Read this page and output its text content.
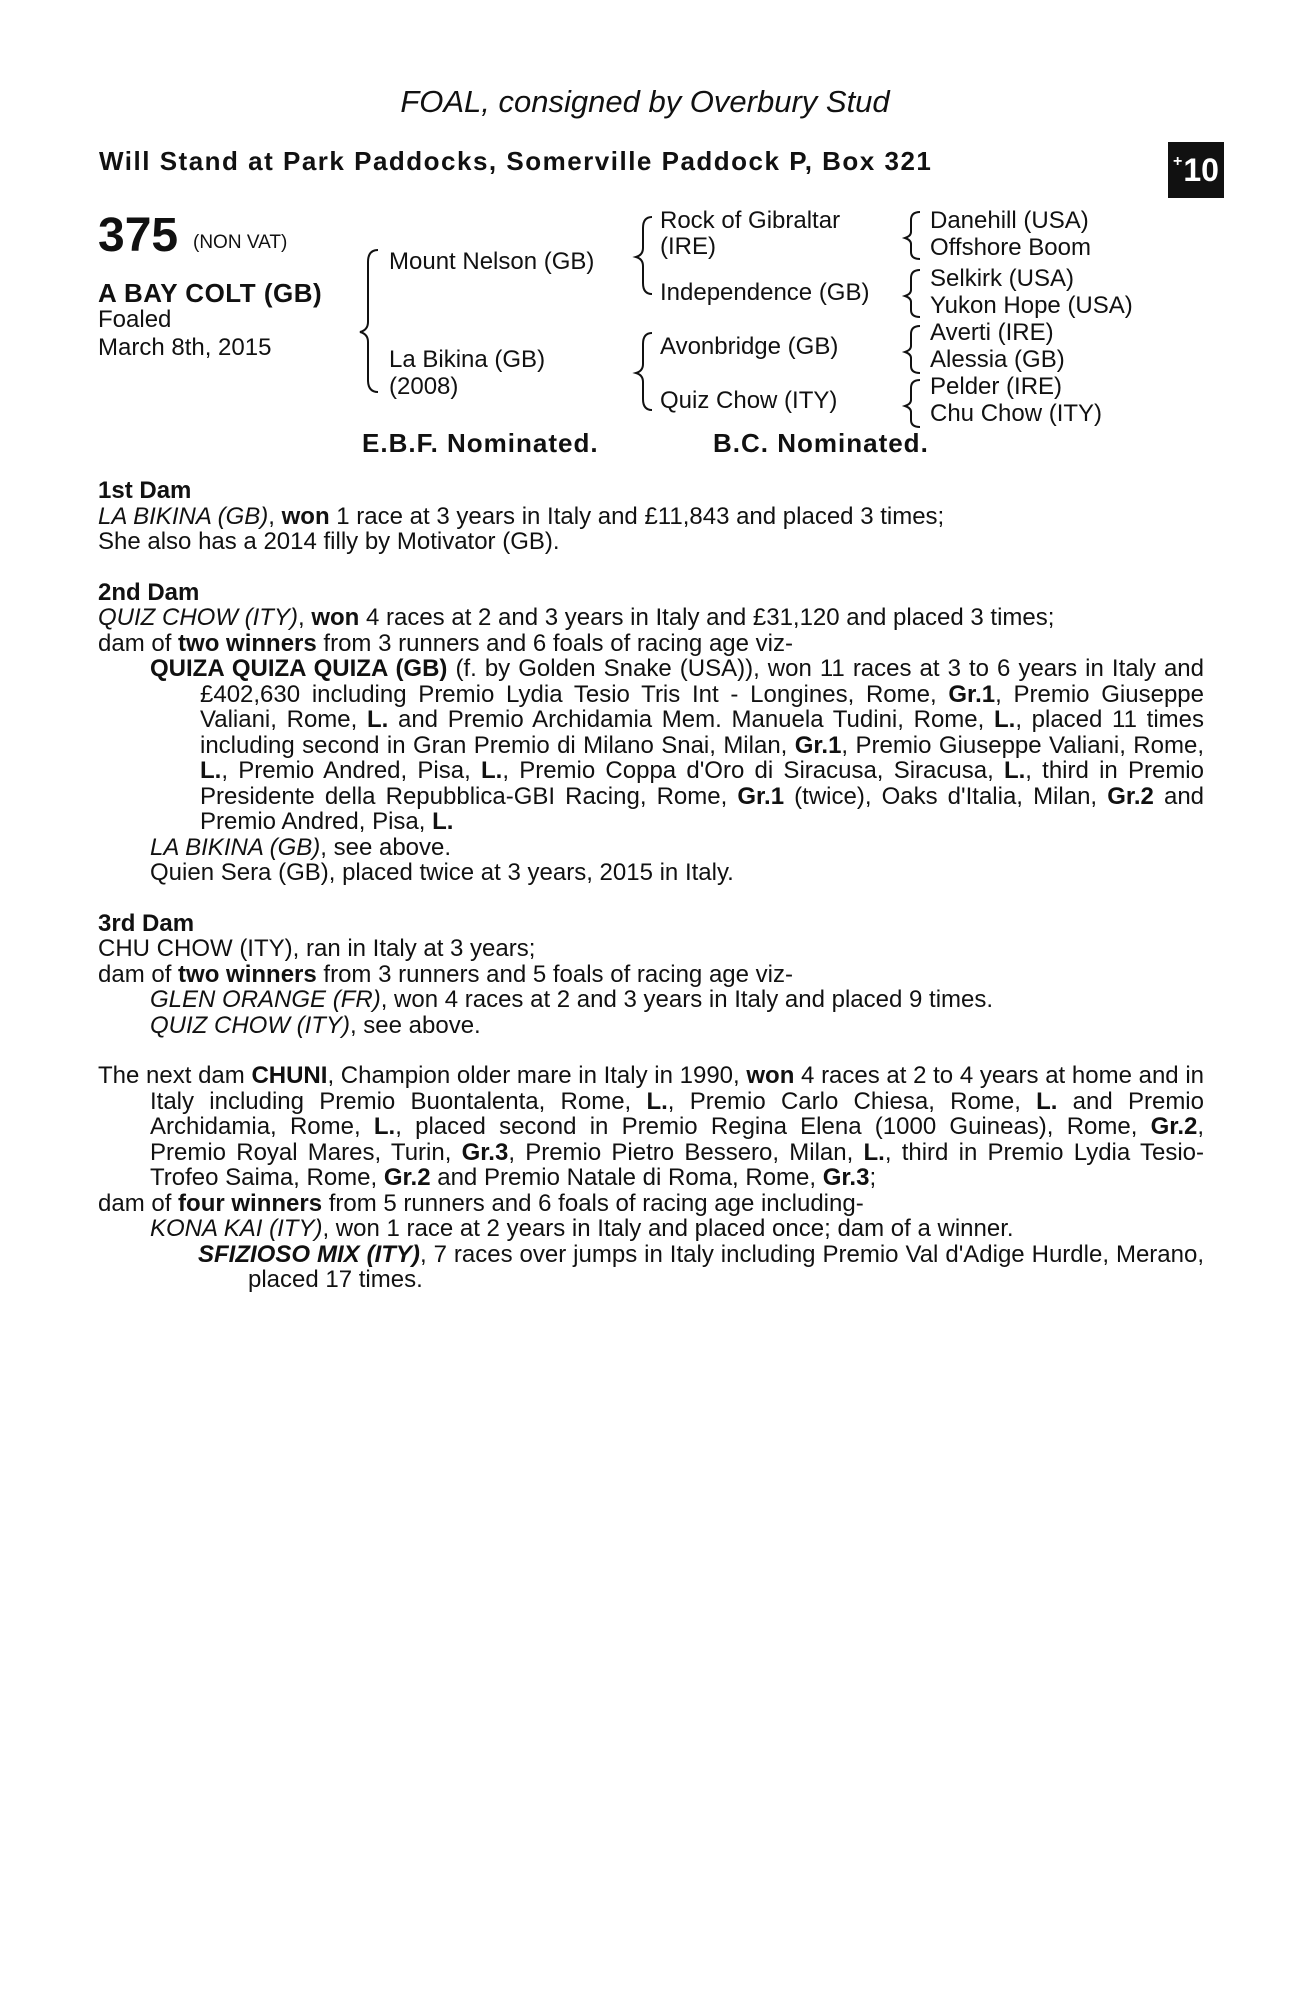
FOAL, consigned by Overbury Stud
Will Stand at Park Paddocks, Somerville Paddock P, Box 321	+ 10
375 (NON VAT)
A BAY COLT (GB)
Foaled
March 8th, 2015
Mount Nelson (GB)
La Bikina (GB)
(2008)
Rock of Gibraltar
(IRE)
Independence (GB)
Avonbridge (GB)
Quiz Chow (ITY)
Danehill (USA)
Offshore Boom
Selkirk (USA)
Yukon Hope (USA)
Averti (IRE)
Alessia (GB)
Pelder (IRE)
Chu Chow (ITY)
E.B.F. Nominated.	B.C. Nominated.

1st Dam

LA BIKINA (GB), won 1 race at 3 years in Italy and £11,843 and placed 3 times;

She also has a 2014 filly by Motivator (GB).

2nd Dam

QUIZ CHOW (ITY), won 4 races at 2 and 3 years in Italy and £31,120 and placed 3 times;

dam of two winners from 3 runners and 6 foals of racing age viz-

QUIZA QUIZA QUIZA (GB) (f. by Golden Snake (USA)), won 11 races at 3 to 6 years in Italy and £402,630 including Premio Lydia Tesio Tris Int - Longines, Rome, Gr.1, Premio Giuseppe Valiani, Rome, L. and Premio Archidamia Mem. Manuela Tudini, Rome, L., placed 11 times including second in Gran Premio di Milano Snai, Milan, Gr.1, Premio Giuseppe Valiani, Rome, L., Premio Andred, Pisa, L., Premio Coppa d'Oro di Siracusa, Siracusa, L., third in Premio Presidente della Repubblica-GBI Racing, Rome, Gr.1 (twice), Oaks d'Italia, Milan, Gr.2 and Premio Andred, Pisa, L.

LA BIKINA (GB), see above.

Quien Sera (GB), placed twice at 3 years, 2015 in Italy.

3rd Dam

CHU CHOW (ITY), ran in Italy at 3 years;

dam of two winners from 3 runners and 5 foals of racing age viz-

GLEN ORANGE (FR), won 4 races at 2 and 3 years in Italy and placed 9 times.

QUIZ CHOW (ITY), see above.

The next dam CHUNI, Champion older mare in Italy in 1990, won 4 races at 2 to 4 years at home and in Italy including Premio Buontalenta, Rome, L., Premio Carlo Chiesa, Rome, L. and Premio Archidamia, Rome, L., placed second in Premio Regina Elena (1000 Guineas), Rome, Gr.2, Premio Royal Mares, Turin, Gr.3, Premio Pietro Bessero, Milan, L., third in Premio Lydia Tesio-Trofeo Saima, Rome, Gr.2 and Premio Natale di Roma, Rome, Gr.3;

dam of four winners from 5 runners and 6 foals of racing age including-

KONA KAI (ITY), won 1 race at 2 years in Italy and placed once; dam of a winner.

SFIZIOSO MIX (ITY), 7 races over jumps in Italy including Premio Val d'Adige Hurdle, Merano, placed 17 times.
